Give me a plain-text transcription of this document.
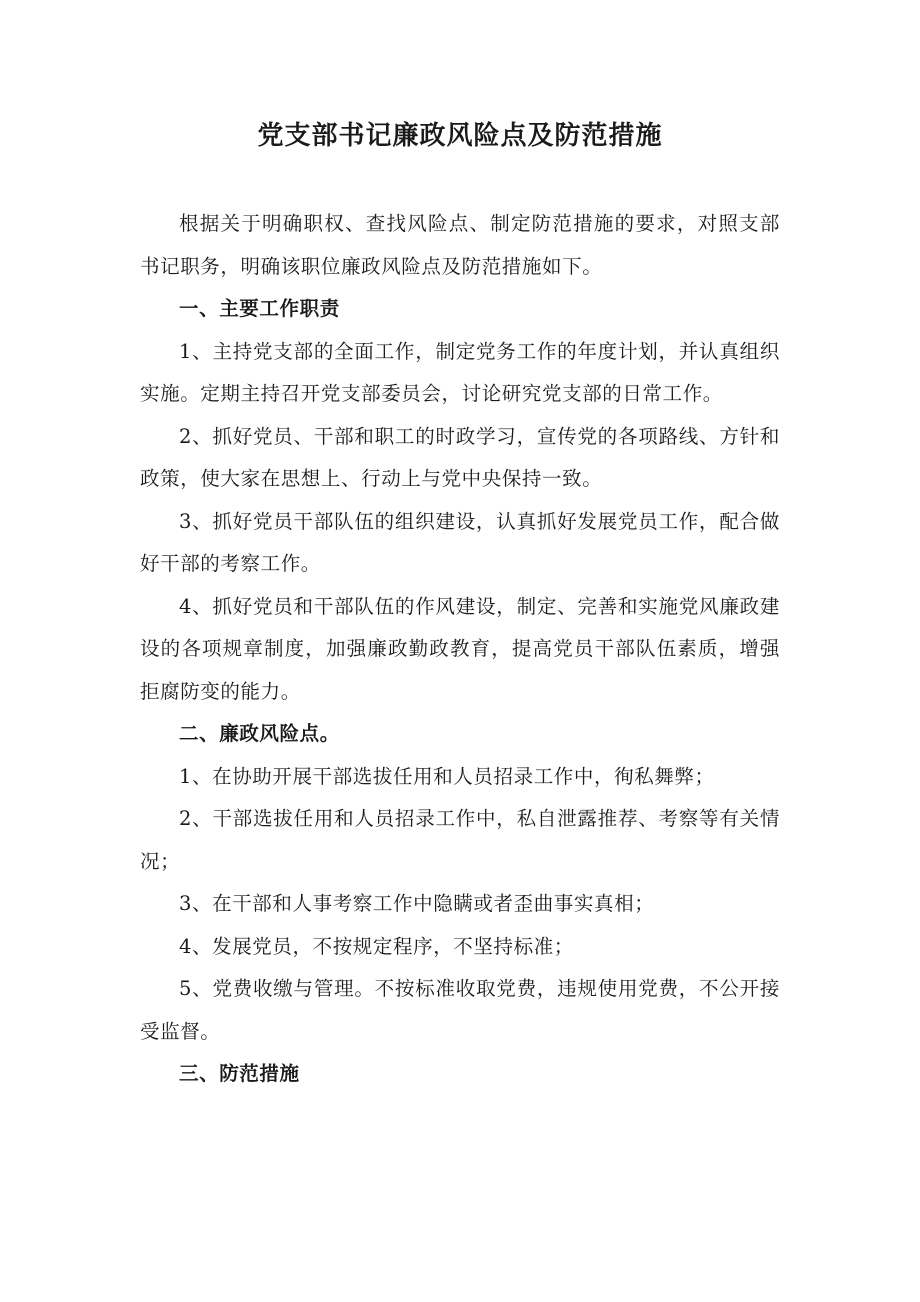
党支部书记廉政风险点及防范措施

根据关于明确职权、查找风险点、制定防范措施的要求，对照支部书记职务，明确该职位廉政风险点及防范措施如下。

一、主要工作职责

1、主持党支部的全面工作，制定党务工作的年度计划，并认真组织实施。定期主持召开党支部委员会，讨论研究党支部的日常工作。

2、抓好党员、干部和职工的时政学习，宣传党的各项路线、方针和政策，使大家在思想上、行动上与党中央保持一致。

3、抓好党员干部队伍的组织建设，认真抓好发展党员工作，配合做好干部的考察工作。

4、抓好党员和干部队伍的作风建设，制定、完善和实施党风廉政建设的各项规章制度，加强廉政勤政教育，提高党员干部队伍素质，增强拒腐防变的能力。

二、廉政风险点。

1、在协助开展干部选拔任用和人员招录工作中，徇私舞弊；

2、干部选拔任用和人员招录工作中，私自泄露推荐、考察等有关情况；

3、在干部和人事考察工作中隐瞒或者歪曲事实真相；

4、发展党员，不按规定程序，不坚持标准；

5、党费收缴与管理。不按标准收取党费，违规使用党费，不公开接受监督。

三、防范措施
